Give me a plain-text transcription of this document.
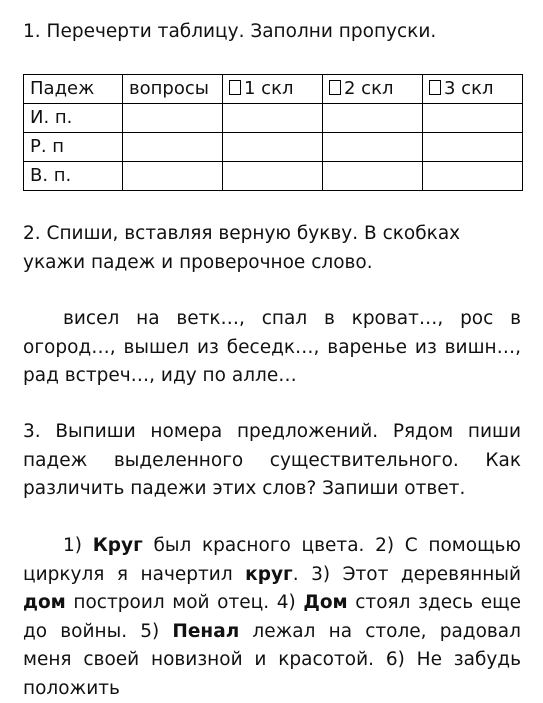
1. Перечерти таблицу. Заполни пропуски.

Падеж	вопросы	1 скл	2 скл	3 скл
И. п.				
Р. п				
В. п.				

2. Спиши, вставляя верную букву. В скобках укажи падеж и проверочное слово.

висел на ветк…, спал в кроват…, рос в огород…, вышел из беседк…, варенье из вишн…, рад встреч…, иду по алле…

3. Выпиши номера предложений. Рядом пиши падеж выделенного существительного. Как различить падежи этих слов? Запиши ответ.

1) Круг был красного цвета. 2) С помощью циркуля я начертил круг. 3) Этот деревянный дом построил мой отец. 4) Дом стоял здесь еще до войны. 5) Пенал лежал на столе, радовал меня своей новизной и красотой. 6) Не забудь положить
